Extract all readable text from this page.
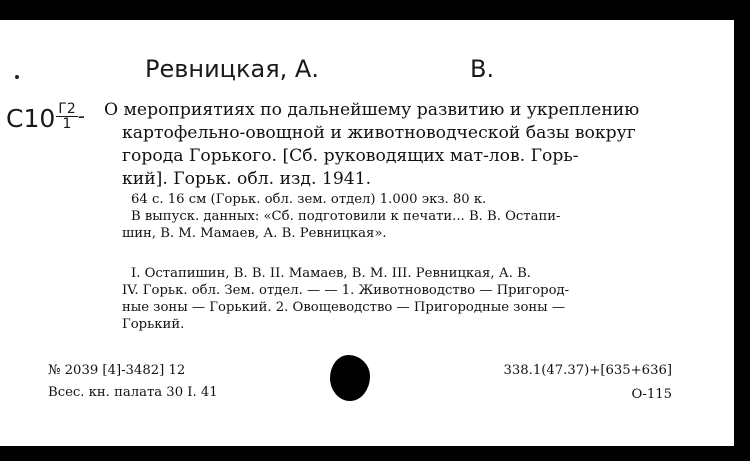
Ревницкая, А.	В.
$С10 \frac{Г2}{1} ^-$ О мероприятиях по дальнейшему развитию и укреплению
картофельно-овощной и животноводческой базы вокруг
города Горького. [Сб. руководящих мат-лов. Горь-
кий]. Горьк. обл. изд. 1941.
64 с. 16 см (Горьк. обл. зем. отдел) 1.000 экз. 80 к.
В выпуск. данных: «Сб. подготовили к печати... В. В. Остапи-
шин, В. М. Мамаев, А. В. Ревницкая».
I. Остапишин, В. В. II. Мамаев, В. М. III. Ревницкая, А. В.
IV. Горьк. обл. Зем. отдел. — — 1. Животноводство — Пригород-
ные зоны — Горький. 2. Овощеводство — Пригородные зоны —
Горький.
№ 2039 [4]-3482] 12
Всес. кн. палата 30 I. 41
338.1(47.37)+[635+636]
О-115
